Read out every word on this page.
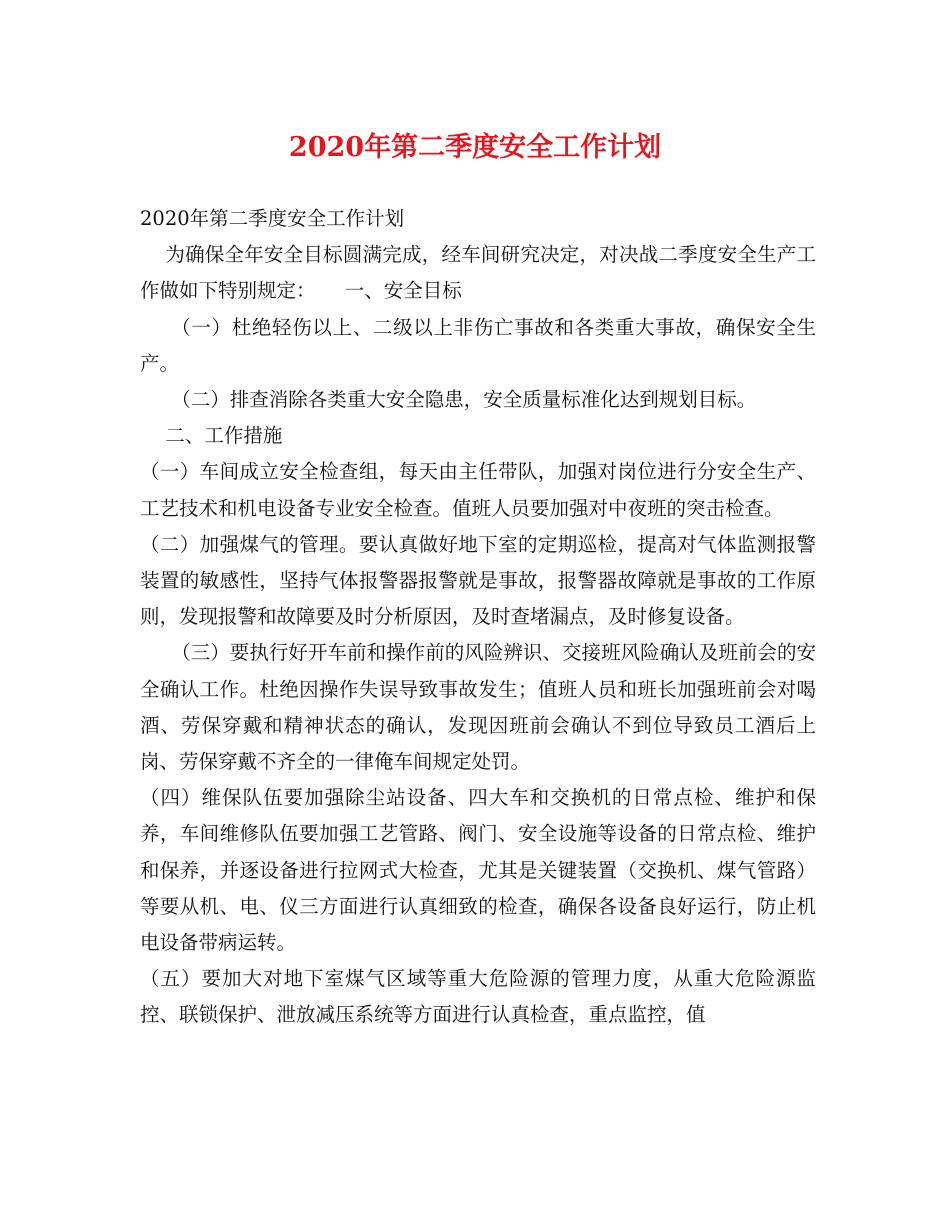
2020年第二季度安全工作计划

2020年第二季度安全工作计划

为确保全年安全目标圆满完成，经车间研究决定，对决战二季度安全生产工作做如下特别规定：　　一、安全目标

（一）杜绝轻伤以上、二级以上非伤亡事故和各类重大事故，确保安全生产。

（二）排查消除各类重大安全隐患，安全质量标准化达到规划目标。

二、工作措施

（一）车间成立安全检查组，每天由主任带队，加强对岗位进行分安全生产、工艺技术和机电设备专业安全检查。值班人员要加强对中夜班的突击检查。

（二）加强煤气的管理。要认真做好地下室的定期巡检，提高对气体监测报警装置的敏感性，坚持气体报警器报警就是事故，报警器故障就是事故的工作原则，发现报警和故障要及时分析原因，及时查堵漏点，及时修复设备。

（三）要执行好开车前和操作前的风险辨识、交接班风险确认及班前会的安全确认工作。杜绝因操作失误导致事故发生；值班人员和班长加强班前会对喝酒、劳保穿戴和精神状态的确认，发现因班前会确认不到位导致员工酒后上岗、劳保穿戴不齐全的一律俺车间规定处罚。

（四）维保队伍要加强除尘站设备、四大车和交换机的日常点检、维护和保养，车间维修队伍要加强工艺管路、阀门、安全设施等设备的日常点检、维护和保养，并逐设备进行拉网式大检查，尤其是关键装置（交换机、煤气管路）等要从机、电、仪三方面进行认真细致的检查，确保各设备良好运行，防止机电设备带病运转。

（五）要加大对地下室煤气区域等重大危险源的管理力度，从重大危险源监控、联锁保护、泄放减压系统等方面进行认真检查，重点监控，值
